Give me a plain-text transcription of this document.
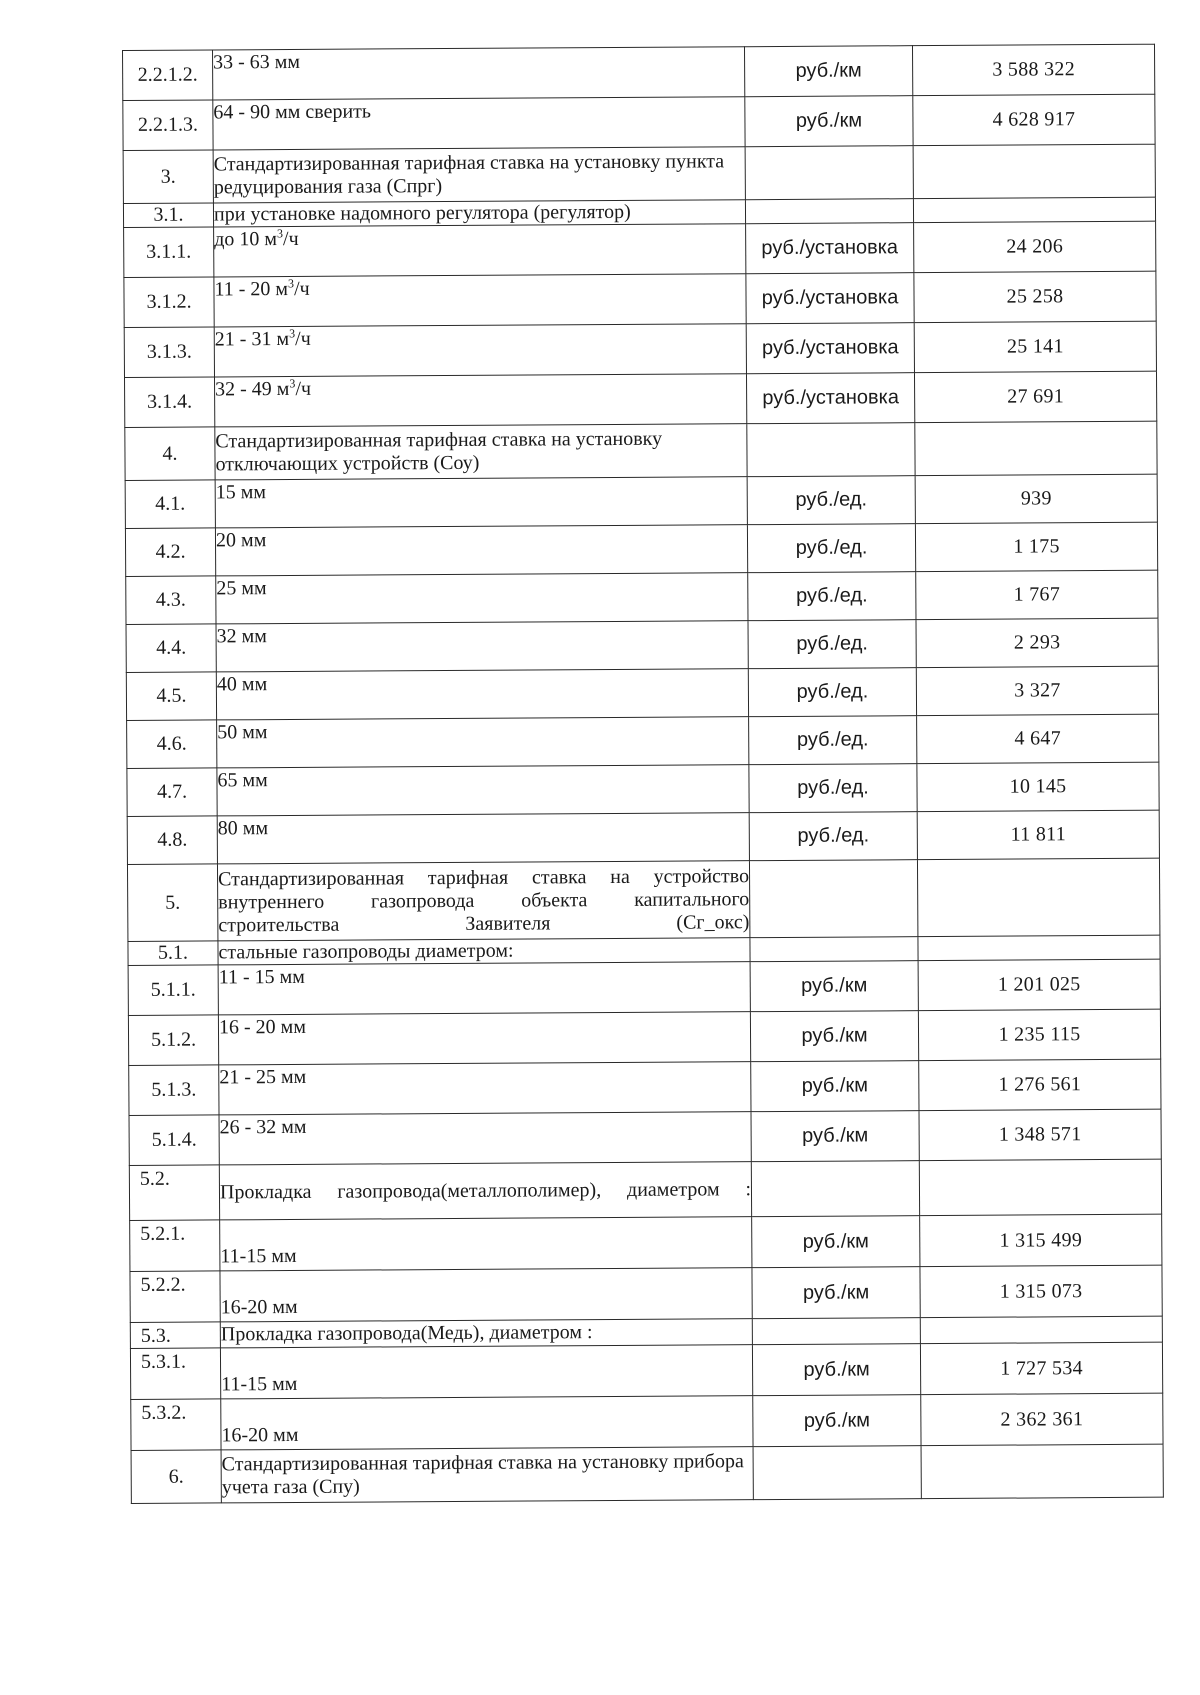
2.2.1.2.	33 - 63 мм	руб./км	3 588 322
2.2.1.3.	64 - 90 мм сверить	руб./км	4 628 917
3.	Стандартизированная тарифная ставка на установку пункта редуцирования газа (Спрг)		
3.1.	при установке надомного регулятора (регулятор)		
3.1.1.	до 10 $м^3/ч$	руб./установка	24 206
3.1.2.	11 - 20 $м^3/ч$	руб./установка	25 258
3.1.3.	21 - 31 $м^3/ч$	руб./установка	25 141
3.1.4.	32 - 49 $м^3/ч$	руб./установка	27 691
4.	Стандартизированная тарифная ставка на установку отключающих устройств (Соу)		
4.1.	15 мм	руб./ед.	939
4.2.	20 мм	руб./ед.	1 175
4.3.	25 мм	руб./ед.	1 767
4.4.	32 мм	руб./ед.	2 293
4.5.	40 мм	руб./ед.	3 327
4.6.	50 мм	руб./ед.	4 647
4.7.	65 мм	руб./ед.	10 145
4.8.	80 мм	руб./ед.	11 811
5.	Стандартизированная тарифная ставка на устройство внутреннего газопровода объекта капитального строительства Заявителя (Сг_окс)		
5.1.	стальные газопроводы диаметром:		
5.1.1.	11 - 15 мм	руб./км	1 201 025
5.1.2.	16 - 20 мм	руб./км	1 235 115
5.1.3.	21 - 25 мм	руб./км	1 276 561
5.1.4.	26 - 32 мм	руб./км	1 348 571
5.2.	Прокладка газопровода(металлополимер), диаметром :		
5.2.1.	11-15 мм	руб./км	1 315 499
5.2.2.	16-20 мм	руб./км	1 315 073
5.3.	Прокладка газопровода(Медь), диаметром :		
5.3.1.	11-15 мм	руб./км	1 727 534
5.3.2.	16-20 мм	руб./км	2 362 361
6.	Стандартизированная тарифная ставка на установку прибора учета газа (Спу)		
